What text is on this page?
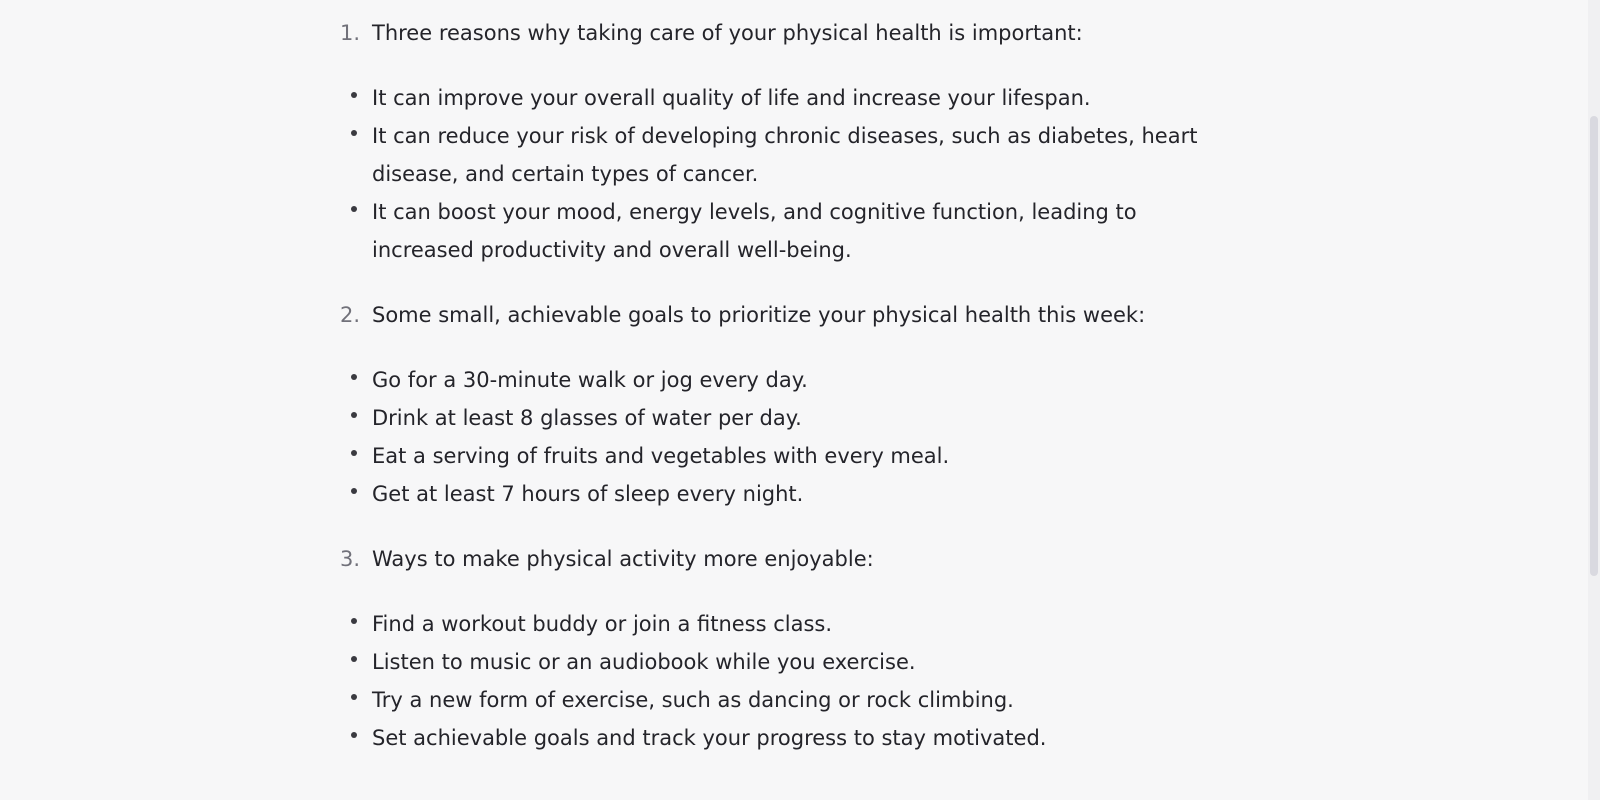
1. Three reasons why taking care of your physical health is important:
It can improve your overall quality of life and increase your lifespan.
It can reduce your risk of developing chronic diseases, such as diabetes, heart disease, and certain types of cancer.
It can boost your mood, energy levels, and cognitive function, leading to increased productivity and overall well-being.
2. Some small, achievable goals to prioritize your physical health this week:
Go for a 30-minute walk or jog every day.
Drink at least 8 glasses of water per day.
Eat a serving of fruits and vegetables with every meal.
Get at least 7 hours of sleep every night.
3. Ways to make physical activity more enjoyable:
Find a workout buddy or join a fitness class.
Listen to music or an audiobook while you exercise.
Try a new form of exercise, such as dancing or rock climbing.
Set achievable goals and track your progress to stay motivated.
